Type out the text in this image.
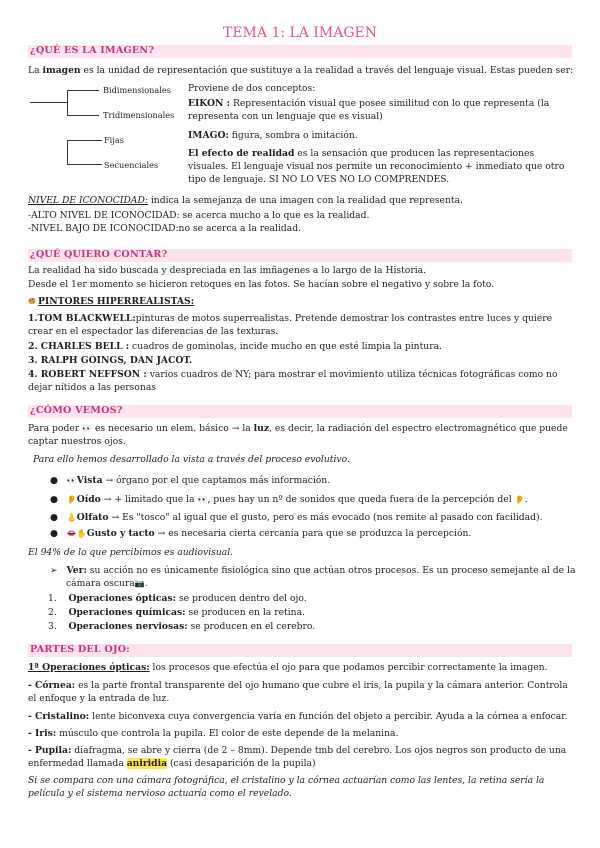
TEMA 1: LA IMAGEN
¿QUÉ ES LA IMAGEN?
La imagen es la unidad de representación que sustituye a la realidad a través del lenguaje visual. Estas pueden ser:
Bidimensionales
Tridimensionales
Fijas
Secuenciales
Proviene de dos conceptos:
EIKON : Representación visual que posee similitud con lo que representa (la
representa con un lenguaje que es visual)
IMAGO: figura, sombra o imitación.
El efecto de realidad es la sensación que producen las representaciones
visuales. El lenguaje visual nos permite un reconocimiento + inmediato que otro
tipo de lenguaje. SI NO LO VES NO LO COMPRENDES.
NIVEL DE ICONOCIDAD: indica la semejanza de una imagen con la realidad que representa.
-ALTO NIVEL DE ICONOCIDAD: se acerca mucho a lo que es la realidad.
-NIVEL BAJO DE ICONOCIDAD:no se acerca a la realidad.
¿QUÉ QUIERO CONTAR?
La realidad ha sido buscada y despreciada en las imñagenes a lo largo de la Historia.
Desde el 1er momento se hicieron retoques en las fotos. Se hacían sobre el negativo y sobre la foto.
PINTORES HIPERREALISTAS:
1.TOM BLACKWELL:pinturas de motos superrealistas. Pretende demostrar los contrastes entre luces y quiere
crear en el espectador las diferencias de las texturas.
2. CHARLES BELL : cuadros de gominolas, incide mucho en que esté limpia la pintura.
3. RALPH GOINGS, DAN JACOT.
4. ROBERT NEFFSON : varios cuadros de NY; para mostrar el movimiento utiliza técnicas fotográficas como no
dejar nítidos a las personas
¿CÓMO VEMOS?
Para poder 👀 es necesario un elem. básico → la luz, es decir, la radiación del espectro electromagnético que puede
captar nuestros ojos.
Para ello hemos desarrollado la vista a través del proceso evolutivo.
●   👀Vista → órgano por el que captamos más información.
●   👂Oído → + limitado que la 👀, pues hay un nº de sonidos que queda fuera de la percepción del 👂.
●   👃Olfato → Es "tosco" al igual que el gusto, pero es más evocado (nos remite al pasado con facilidad).
●   👄✋Gusto y tacto → es necesaria cierta cercanía para que se produzca la percepción.
El 94% de lo que percibimos es audiovisual.
➢   Ver: su acción no es únicamente fisiológica sino que actúan otros procesos. Es un proceso semejante al de la
cámara oscura📷.
1. Operaciones ópticas: se producen dentro del ojo.
2. Operaciones químicas: se producen en la retina.
3. Operaciones nerviosas: se producen en el cerebro.
PARTES DEL OJO:
1ª Operaciones ópticas: los procesos que efectúa el ojo para que podamos percibir correctamente la imagen.
- Córnea: es la parte frontal transparente del ojo humano que cubre el iris, la pupila y la cámara anterior. Controla
el enfoque y la entrada de luz.
- Cristalino: lente biconvexa cuya convergencia varía en función del objeto a percibir. Ayuda a la córnea a enfocar.
- Iris: músculo que controla la pupila. El color de este depende de la melanina.
- Pupila: diafragma, se abre y cierra (de 2 – 8mm). Depende tmb del cerebro. Los ojos negros son producto de una
enfermedad llamada aniridia (casi desaparición de la pupila)
Si se compara con una cámara fotográfica, el cristalino y la córnea actuarían como las lentes, la retina sería la
película y el sistema nervioso actuaría como el revelado.
